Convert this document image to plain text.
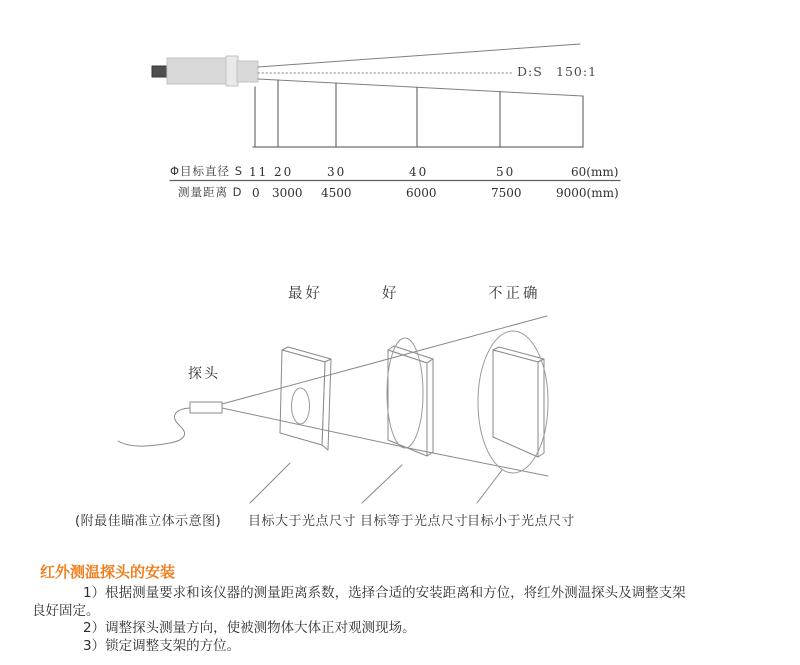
D:S 150:1
Φ目标直径 S 11 20	30	40	50	60(mm)
测量距离 D 0 3000 4500	6000	7500	9000(mm)
最好	好	不正确
探头
(附最佳瞄准立体示意图) 目标大于光点尺寸 目标等于光点尺寸
目标小于光点尺寸
红外测温探头的安装
1）根据测量要求和该仪器的测量距离系数，选择合适的安装距离和方位，将红外测温探头及调整支架
良好固定。
2）调整探头测量方向，使被测物体大体正对观测现场。
3）锁定调整支架的方位。
